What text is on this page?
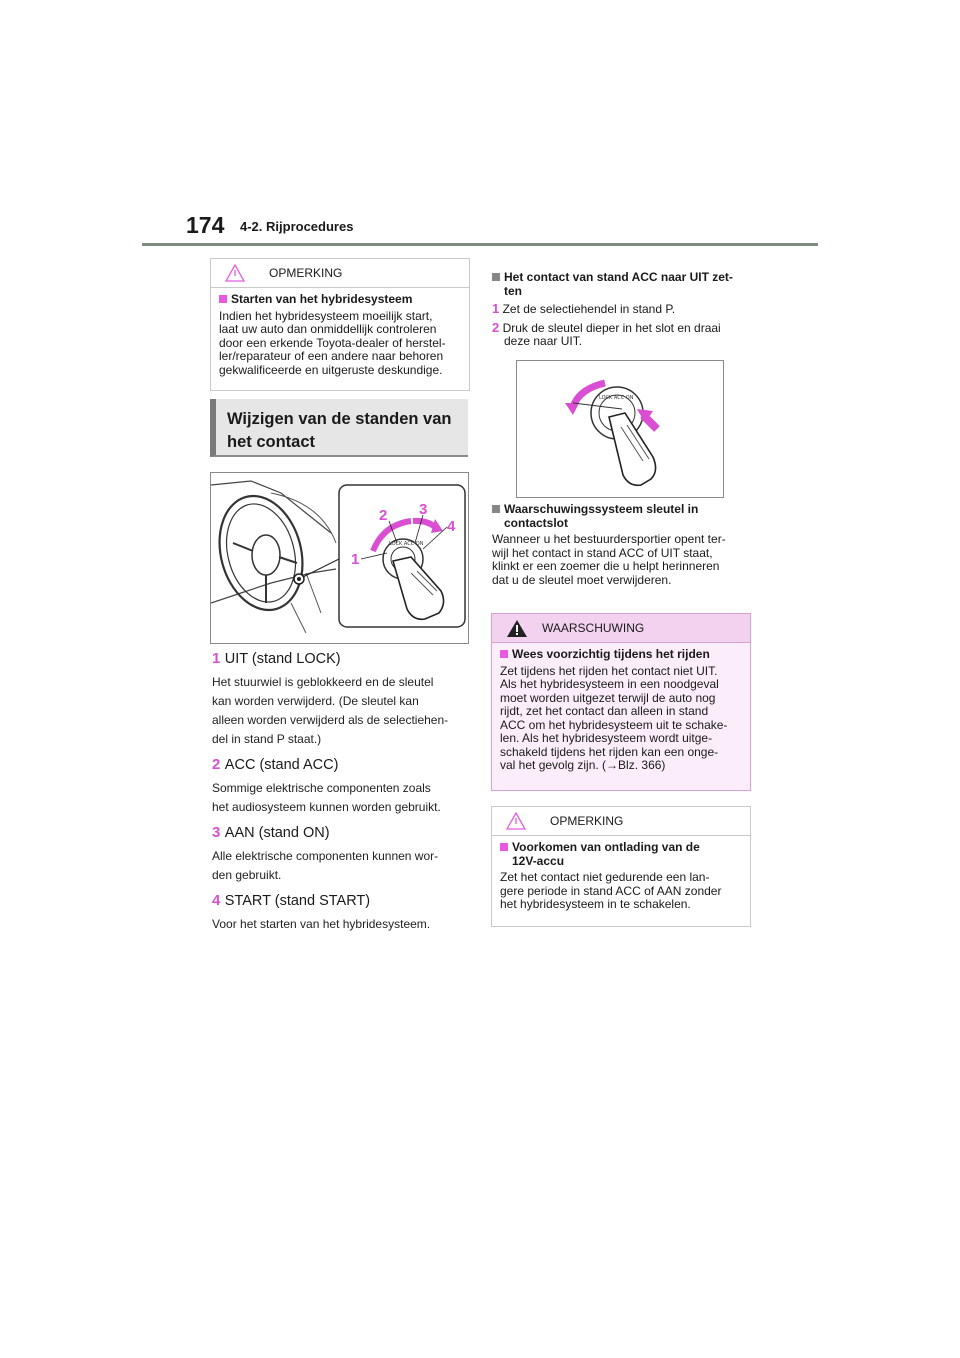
174 4-2. Rijprocedures
OPMERKING
Starten van het hybridesysteem
Indien het hybridesysteem moeilijk start,
laat uw auto dan onmiddellijk controleren
door een erkende Toyota-dealer of herstel-
ler/reparateur of een andere naar behoren
gekwalificeerde en uitgeruste deskundige.
Wijzigen van de standen van
het contact
LOCK ACC ON
1
2 3
4
1 UIT (stand LOCK)
Het stuurwiel is geblokkeerd en de sleutel
kan worden verwijderd. (De sleutel kan
alleen worden verwijderd als de selectiehen-
del in stand P staat.)
2 ACC (stand ACC)
Sommige elektrische componenten zoals
het audiosysteem kunnen worden gebruikt.
3 AAN (stand ON)
Alle elektrische componenten kunnen wor-
den gebruikt.
4 START (stand START)
Voor het starten van het hybridesysteem.
Het contact van stand ACC naar UIT zet-
ten
1 Zet de selectiehendel in stand P.
2 Druk de sleutel dieper in het slot en draai
deze naar UIT.
LOCK ACC ON
Waarschuwingssysteem sleutel in
contactslot
Wanneer u het bestuurdersportier opent ter-
wijl het contact in stand ACC of UIT staat,
klinkt er een zoemer die u helpt herinneren
dat u de sleutel moet verwijderen.
WAARSCHUWING
Wees voorzichtig tijdens het rijden
Zet tijdens het rijden het contact niet UIT.
Als het hybridesysteem in een noodgeval
moet worden uitgezet terwijl de auto nog
rijdt, zet het contact dan alleen in stand
ACC om het hybridesysteem uit te schake-
len. Als het hybridesysteem wordt uitge-
schakeld tijdens het rijden kan een onge-
val het gevolg zijn. (→Blz. 366)
OPMERKING
Voorkomen van ontlading van de
12V-accu
Zet het contact niet gedurende een lan-
gere periode in stand ACC of AAN zonder
het hybridesysteem in te schakelen.
